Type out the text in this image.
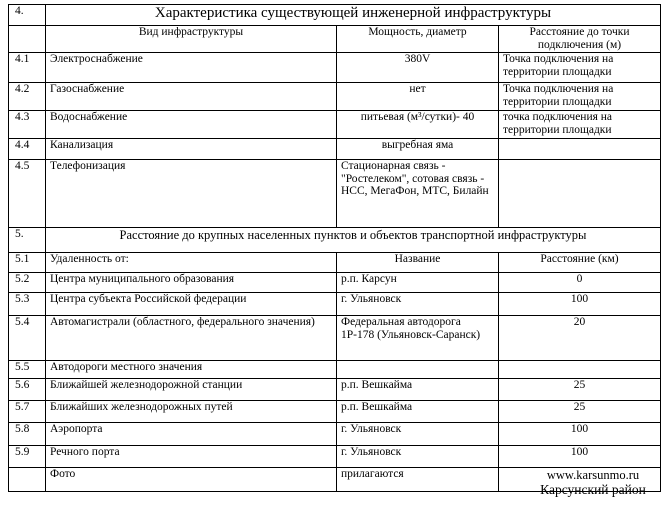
4.	Характеристика существующей инженерной инфраструктуры		
	Вид инфраструктуры	Мощность, диаметр	Расстояние до точки подключения (м)
4.1	Электроснабжение	380V	Точка подключения на территории площадки
4.2	Газоснабжение	нет	Точка подключения на территории площадки
4.3	Водоснабжение	питьевая (м³/сутки)- 40	точка подключения на территории площадки
4.4	Канализация	выгребная яма	
4.5	Телефонизация	Стационарная связь - "Ростелеком", сотовая связь - НСС, МегаФон, МТС, Билайн	
5.	Расстояние до крупных населенных пунктов и объектов транспортной инфраструктуры		
5.1	Удаленность от:	Название	Расстояние (км)
5.2	Центра муниципального образования	р.п. Карсун	0
5.3	Центра субъекта Российской федерации	г. Ульяновск	100
5.4	Автомагистрали (областного, федерального значения)	Федеральная автодорога 1Р-178 (Ульяновск-Саранск)	20
5.5	Автодороги местного значения		
5.6	Ближайшей железнодорожной станции	р.п. Вешкайма	25
5.7	Ближайших железнодорожных путей	р.п. Вешкайма	25
5.8	Аэропорта	г. Ульяновск	100
5.9	Речного порта	г. Ульяновск	100
	Фото	прилагаются		www.karsunmo.ru
Карсунский район
